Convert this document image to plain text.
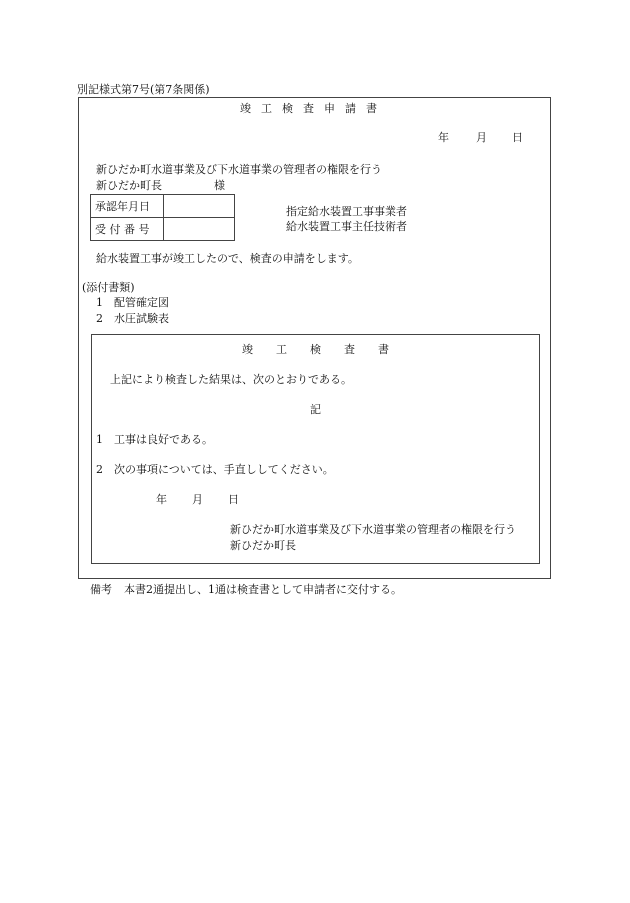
別記様式第7号(第7条関係)
竣工検査申請書
年 月 日
新ひだか町水道事業及び下水道事業の管理者の権限を行う
新ひだか町長	様
承認年月日	
受 付 番 号	
指定給水装置工事事業者
給水装置工事主任技術者
給水装置工事が竣工したので、検査の申請をします。
(添付書類)
1 配管確定図
2 水圧試験表
竣工検査書
上記により検査した結果は、次のとおりである。
記
1 工事は良好である。
2 次の事項については、手直ししてください。
年 月 日
新ひだか町水道事業及び下水道事業の管理者の権限を行う
新ひだか町長
備考 本書2通提出し、1通は検査書として申請者に交付する。
